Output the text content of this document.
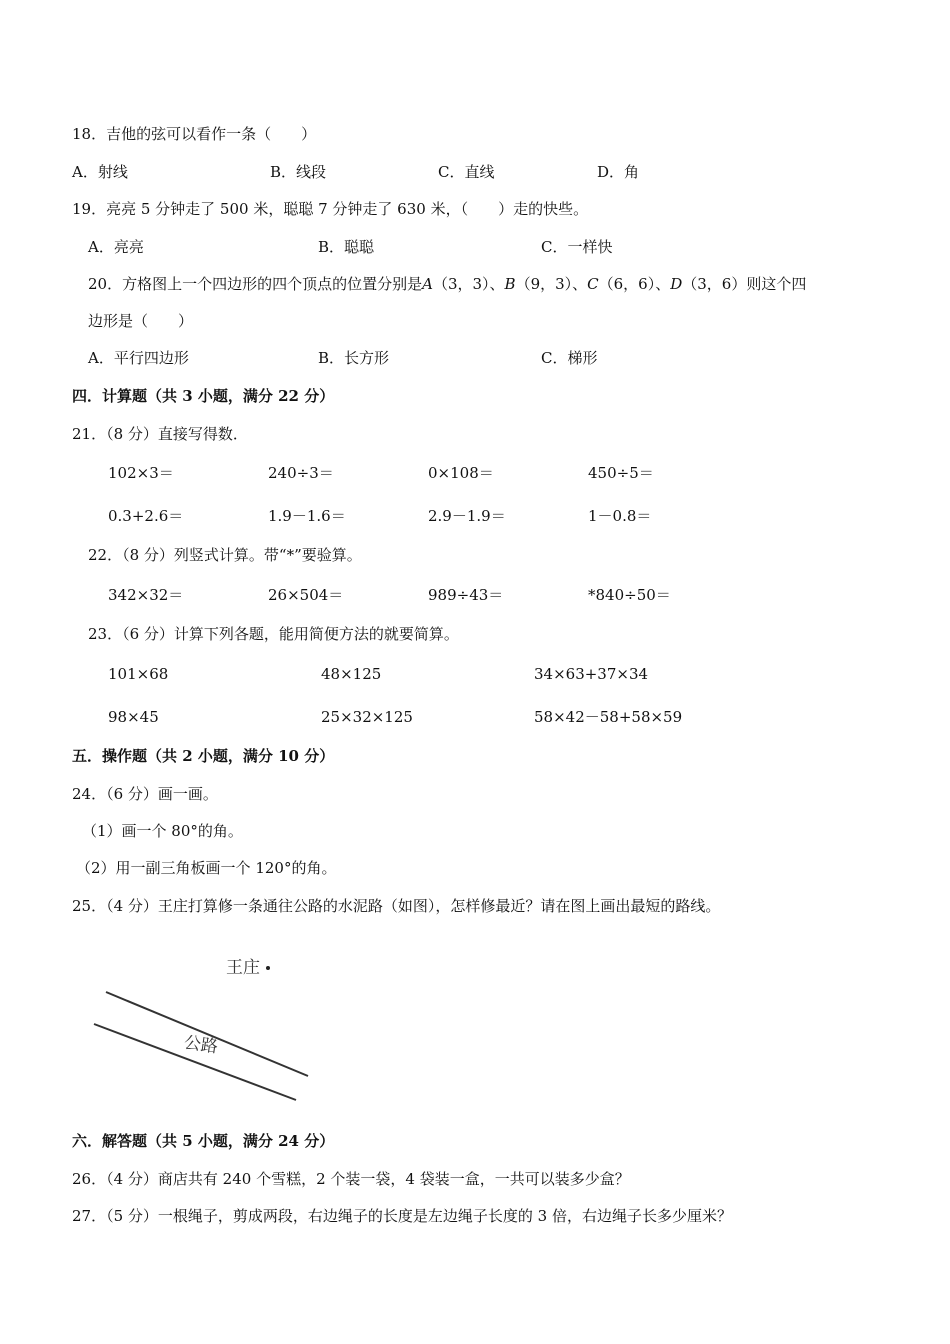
18．吉他的弦可以看作一条（　　）
A．射线	B．线段	C．直线	D．角
19．亮亮 5 分钟走了 500 米，聪聪 7 分钟走了 630 米，（　　）走的快些。
A．亮亮	B．聪聪	C．一样快
20．方格图上一个四边形的四个顶点的位置分别是A（3，3）、B（9，3）、C（6，6）、D（3，6）则这个四
边形是（　　）
A．平行四边形	B．长方形	C．梯形
四．计算题（共 3 小题，满分 22 分）
21．（8 分）直接写得数．
102×3＝	240÷3＝	0×108＝	450÷5＝
0.3+2.6＝	1.9－1.6＝	2.9－1.9＝	1－0.8＝
22．（8 分）列竖式计算。带“*”要验算。
342×32＝	26×504＝	989÷43＝	*840÷50＝
23．（6 分）计算下列各题，能用简便方法的就要简算。
101×68	48×125	34×63+37×34
98×45	25×32×125	58×42－58+58×59
五．操作题（共 2 小题，满分 10 分）
24．（6 分）画一画。
（1）画一个 80°的角。
（2）用一副三角板画一个 120°的角。
25．（4 分）王庄打算修一条通往公路的水泥路（如图），怎样修最近？请在图上画出最短的路线。
王庄
公路
六．解答题（共 5 小题，满分 24 分）
26．（4 分）商店共有 240 个雪糕，2 个装一袋，4 袋装一盒，一共可以装多少盒？
27．（5 分）一根绳子，剪成两段，右边绳子的长度是左边绳子长度的 3 倍，右边绳子长多少厘米？
